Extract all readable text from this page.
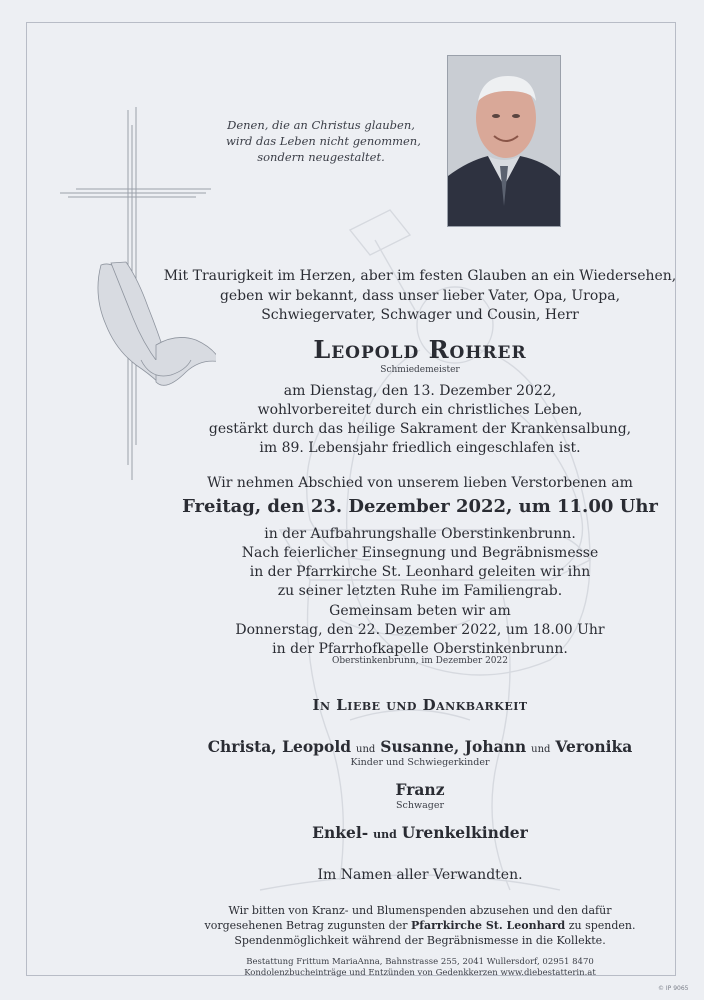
Denen, die an Christus glauben,
wird das Leben nicht genommen,
sondern neugestaltet.
Mit Traurigkeit im Herzen, aber im festen Glauben an ein Wiedersehen,
geben wir bekannt, dass unser lieber Vater, Opa, Uropa,
Schwiegervater, Schwager und Cousin, Herr
Leopold Rohrer
Schmiedemeister
am Dienstag, den 13. Dezember 2022,
wohlvorbereitet durch ein christliches Leben,
gestärkt durch das heilige Sakrament der Krankensalbung,
im 89. Lebensjahr friedlich eingeschlafen ist.
Wir nehmen Abschied von unserem lieben Verstorbenen am
Freitag, den 23. Dezember 2022, um 11.00 Uhr
in der Aufbahrungshalle Oberstinkenbrunn.
Nach feierlicher Einsegnung und Begräbnismesse
in der Pfarrkirche St. Leonhard geleiten wir ihn
zu seiner letzten Ruhe im Familiengrab.
Gemeinsam beten wir am
Donnerstag, den 22. Dezember 2022, um 18.00 Uhr
in der Pfarrhofkapelle Oberstinkenbrunn.
Oberstinkenbrunn, im Dezember 2022
In Liebe und Dankbarkeit
Christa, Leopold und Susanne, Johann und Veronika
Kinder und Schwiegerkinder
Franz
Schwager
Enkel- und Urenkelkinder
Im Namen aller Verwandten.
Wir bitten von Kranz- und Blumenspenden abzusehen und den dafür
vorgesehenen Betrag zugunsten der Pfarrkirche St. Leonhard zu spenden.
Spendenmöglichkeit während der Begräbnismesse in die Kollekte.
Bestattung Frittum MariaAnna, Bahnstrasse 255, 2041 Wullersdorf, 02951 8470
Kondolenzbucheinträge und Entzünden von Gedenkkerzen www.diebestatterin.at
© IP 9065
